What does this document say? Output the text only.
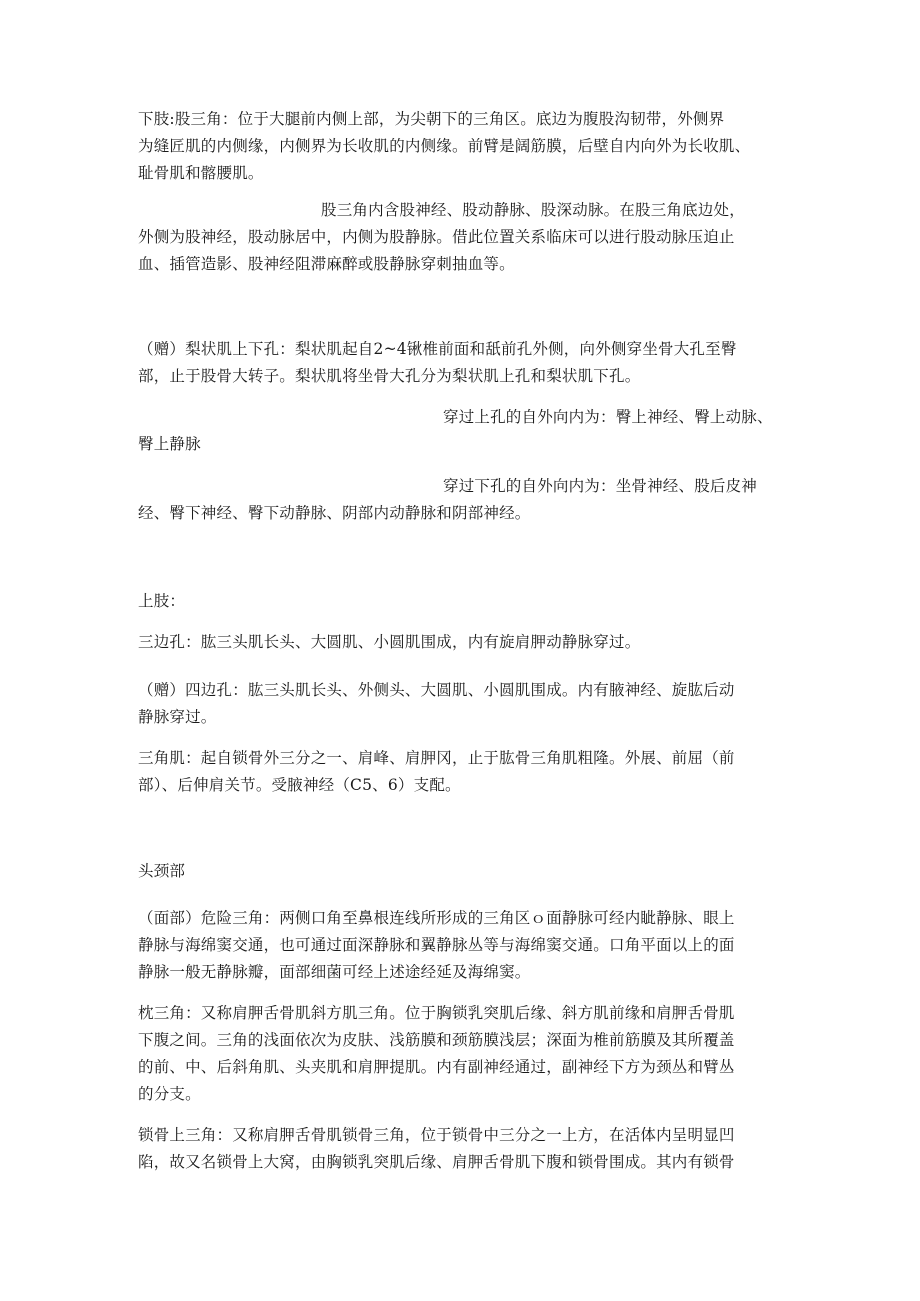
下肢:股三角：位于大腿前内侧上部，为尖朝下的三角区。底边为腹股沟韧带，外侧界
为缝匠肌的内侧缘，内侧界为长收肌的内侧缘。前臂是阔筋膜，后壁自内向外为长收肌、
耻骨肌和髂腰肌。
股三角内含股神经、股动静脉、股深动脉。在股三角底边处，
外侧为股神经，股动脉居中，内侧为股静脉。借此位置关系临床可以进行股动脉压迫止
血、插管造影、股神经阻滞麻醉或股静脉穿刺抽血等。
（赠）梨状肌上下孔：梨状肌起自2~4锹椎前面和舐前孔外侧，向外侧穿坐骨大孔至臀
部，止于股骨大转子。梨状肌将坐骨大孔分为梨状肌上孔和梨状肌下孔。
穿过上孔的自外向内为：臀上神经、臀上动脉、
臀上静脉
穿过下孔的自外向内为：坐骨神经、股后皮神
经、臀下神经、臀下动静脉、阴部内动静脉和阴部神经。
上肢：
三边孔：肱三头肌长头、大圆肌、小圆肌围成，内有旋肩胛动静脉穿过。
（赠）四边孔：肱三头肌长头、外侧头、大圆肌、小圆肌围成。内有腋神经、旋肱后动
静脉穿过。
三角肌：起自锁骨外三分之一、肩峰、肩胛冈，止于肱骨三角肌粗隆。外展、前屈（前
部）、后伸肩关节。受腋神经（C5、6）支配。
头颈部
（面部）危险三角：两侧口角至鼻根连线所形成的三角区ｏ面静脉可经内眦静脉、眼上
静脉与海绵窦交通，也可通过面深静脉和翼静脉丛等与海绵窦交通。口角平面以上的面
静脉一般无静脉瓣，面部细菌可经上述途经延及海绵窦。
枕三角：又称肩胛舌骨肌斜方肌三角。位于胸锁乳突肌后缘、斜方肌前缘和肩胛舌骨肌
下腹之间。三角的浅面依次为皮肤、浅筋膜和颈筋膜浅层；深面为椎前筋膜及其所覆盖
的前、中、后斜角肌、头夹肌和肩胛提肌。内有副神经通过，副神经下方为颈丛和臂丛
的分支。
锁骨上三角：又称肩胛舌骨肌锁骨三角，位于锁骨中三分之一上方，在活体内呈明显凹
陷，故又名锁骨上大窝，由胸锁乳突肌后缘、肩胛舌骨肌下腹和锁骨围成。其内有锁骨
